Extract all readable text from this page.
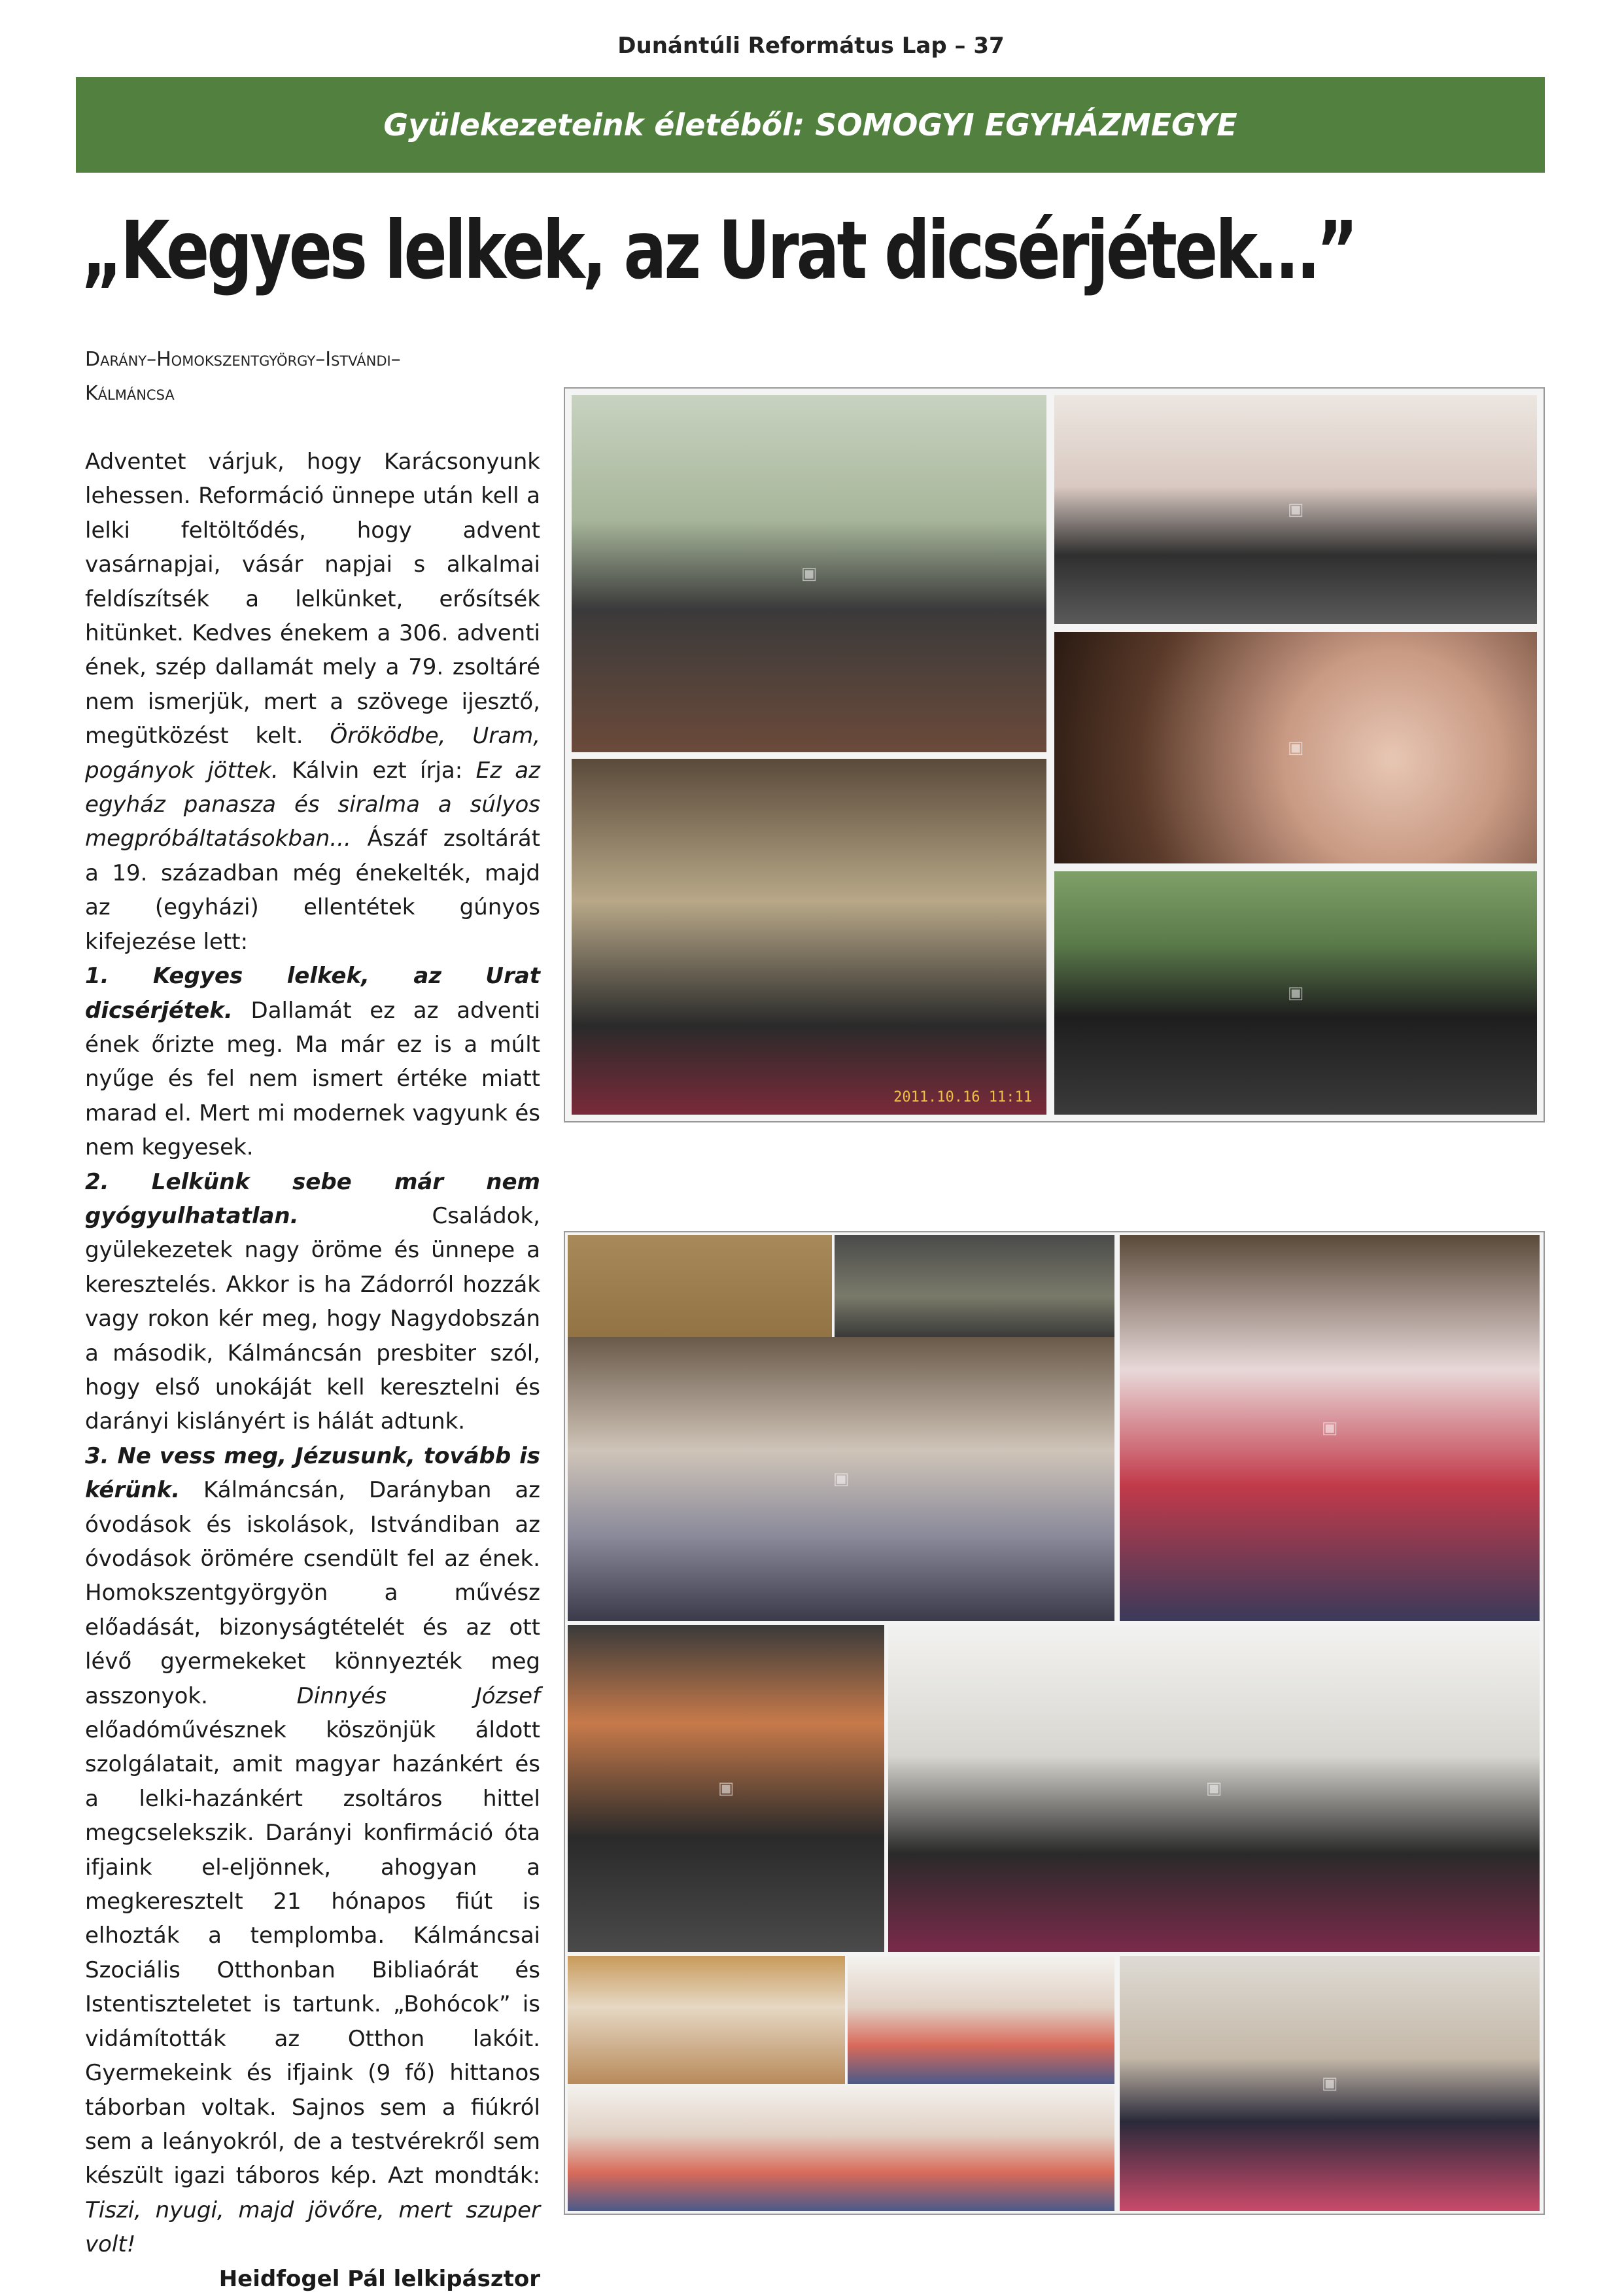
Dunántúli Református Lap – 37
Gyülekezeteink életéből: SOMOGYI EGYHÁZMEGYE
„Kegyes lelkek, az Urat dicsérjétek…”
Darány–Homokszentgyörgy–Istvándi–
Kálmáncsa

Adventet várjuk, hogy Karácsonyunk lehessen. Reformáció ünnepe után kell a lelki feltöltődés, hogy advent vasárnapjai, vásár napjai s alkalmai feldíszítsék a lelkünket, erősítsék hitünket. Kedves énekem a 306. adventi ének, szép dallamát mely a 79. zsoltáré nem ismerjük, mert a szövege ijesztő, megütközést kelt. Öröködbe, Uram, pogányok jöttek. Kálvin ezt írja: Ez az egyház panasza és siralma a súlyos megpróbáltatásokban... Ászáf zsoltárát a 19. században még énekelték, majd az (egyházi) ellentétek gúnyos kifejezése lett:

1. Kegyes lelkek, az Urat dicsérjétek. Dallamát ez az adventi ének őrizte meg. Ma már ez is a múlt nyűge és fel nem ismert értéke miatt marad el. Mert mi modernek vagyunk és nem kegyesek.

2. Lelkünk sebe már nem gyógyulhatatlan. Családok, gyülekezetek nagy öröme és ünnepe a keresztelés. Akkor is ha Zádorról hozzák vagy rokon kér meg, hogy Nagydobszán a második, Kálmáncsán presbiter szól, hogy első unokáját kell keresztelni és darányi kislányért is hálát adtunk.

3. Ne vess meg, Jézusunk, tovább is kérünk. Kálmáncsán, Darányban az óvodások és iskolások, Istvándiban az óvodások örömére csendült fel az ének. Homokszentgyörgyön a művész előadását, bizonyságtételét és az ott lévő gyermekeket könnyezték meg asszonyok. Dinnyés József előadóművésznek köszönjük áldott szolgálatait, amit magyar hazánkért és a lelki-hazánkért zsoltáros hittel megcselekszik. Darányi konfirmáció óta ifjaink el-eljönnek, ahogyan a megkeresztelt 21 hónapos fiút is elhozták a templomba. Kálmáncsai Szociális Otthonban Bibliaórát és Istentiszteletet is tartunk. „Bohócok” is vidámították az Otthon lakóit. Gyermekeink és ifjaink (9 fő) hittanos táborban voltak. Sajnos sem a fiúkról sem a leányokról, de a testvérekről sem készült igazi táboros kép. Azt mondták: Tiszi, nyugi, majd jövőre, mert szuper volt!

Heidfogel Pál lelkipásztor

▣
▣
▣
2011.10.16 11:11
▣
▣
▣
▣	▣
▣
